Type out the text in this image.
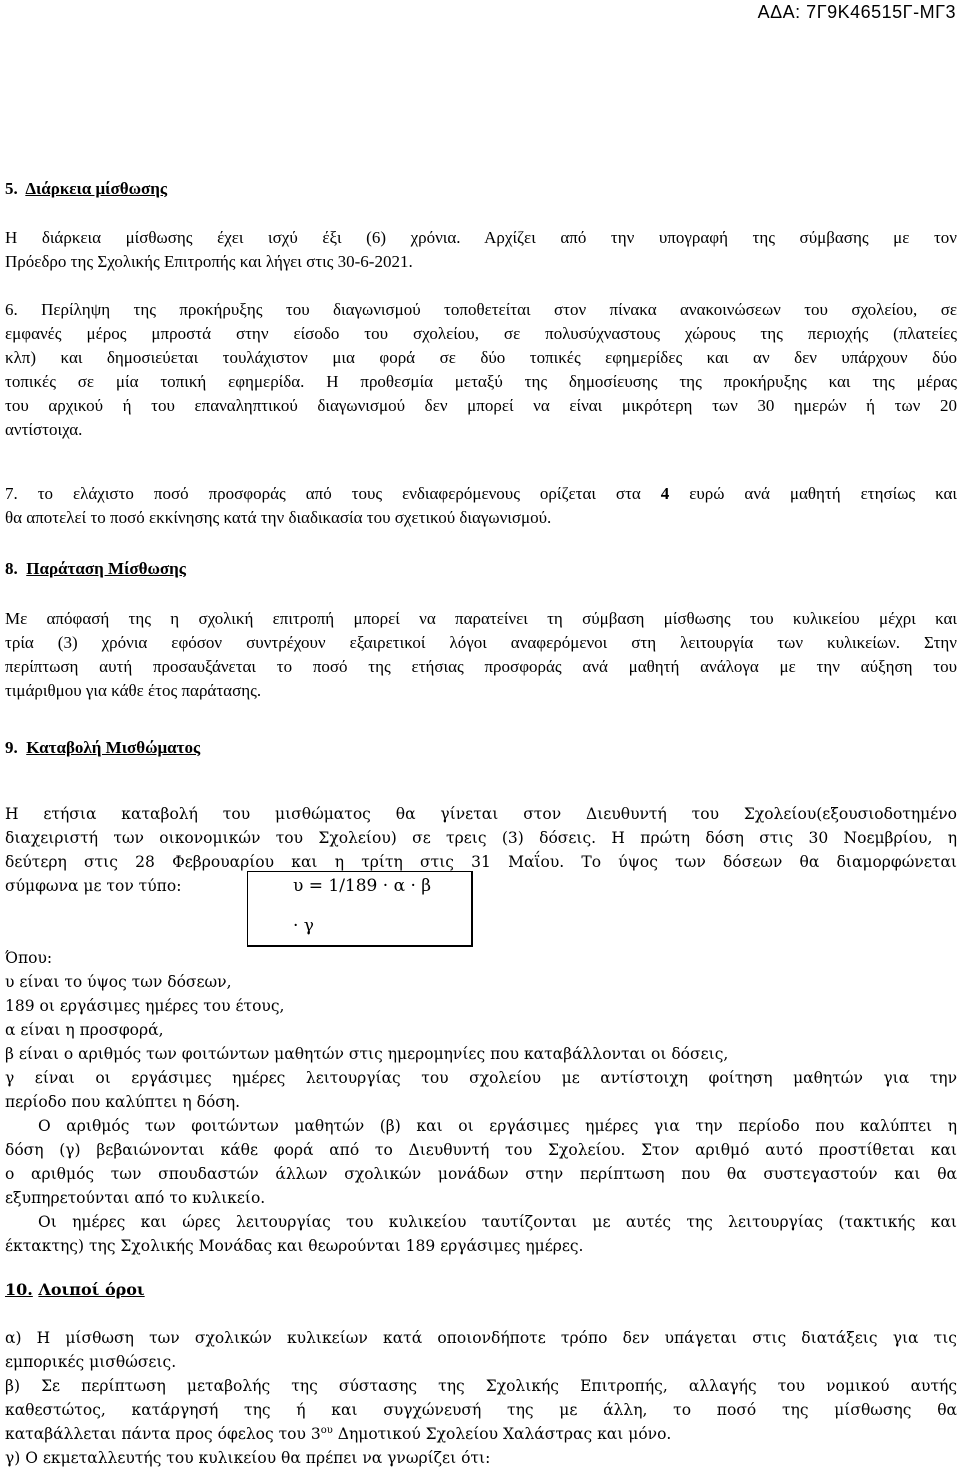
ΑΔΑ: 7Γ9Κ46515Γ-ΜΓ3
5. Διάρκεια μίσθωσης
Η διάρκεια μίσθωσης έχει ισχύ έξι (6) χρόνια. Αρχίζει από την υπογραφή της σύμβασης με τον
Πρόεδρο της Σχολικής Επιτροπής και λήγει στις 30-6-2021.
6. Περίληψη της προκήρυξης του διαγωνισμού τοποθετείται στον πίνακα ανακοινώσεων του σχολείου, σε
εμφανές μέρος μπροστά στην είσοδο του σχολείου, σε πολυσύχναστους χώρους της περιοχής (πλατείες
κλπ) και δημοσιεύεται τουλάχιστον μια φορά σε δύο τοπικές εφημερίδες και αν δεν υπάρχουν δύο
τοπικές σε μία τοπική εφημερίδα. Η προθεσμία μεταξύ της δημοσίευσης της προκήρυξης και της μέρας
του αρχικού ή του επαναληπτικού διαγωνισμού δεν μπορεί να είναι μικρότερη των 30 ημερών ή των 20
αντίστοιχα.
7. το ελάχιστο ποσό προσφοράς από τους ενδιαφερόμενους ορίζεται στα 4 ευρώ ανά μαθητή ετησίως και
θα αποτελεί το ποσό εκκίνησης κατά την διαδικασία του σχετικού διαγωνισμού.
8. Παράταση Μίσθωσης
Με απόφασή της η σχολική επιτροπή μπορεί να παρατείνει τη σύμβαση μίσθωσης του κυλικείου μέχρι και
τρία (3) χρόνια εφόσον συντρέχουν εξαιρετικοί λόγοι αναφερόμενοι στη λειτουργία των κυλικείων. Στην
περίπτωση αυτή προσαυξάνεται το ποσό της ετήσιας προσφοράς ανά μαθητή ανάλογα με την αύξηση του
τιμάριθμου για κάθε έτος παράτασης.
9. Καταβολή Μισθώματος
Η ετήσια καταβολή του μισθώματος θα γίνεται στον Διευθυντή του Σχολείου(εξουσιοδοτημένο
διαχειριστή των οικονομικών του Σχολείου) σε τρεις (3) δόσεις. Η πρώτη δόση στις 30 Νοεμβρίου, η
δεύτερη στις 28 Φεβρουαρίου και η τρίτη στις 31 Μαΐου. Το ύψος των δόσεων θα διαμορφώνεται
σύμφωνα με τον τύπο:	υ = 1/189 · α · β
· γ
Όπου:
υ είναι το ύψος των δόσεων,
189 οι εργάσιμες ημέρες του έτους,
α είναι η προσφορά,
β είναι ο αριθμός των φοιτώντων μαθητών στις ημερομηνίες που καταβάλλονται οι δόσεις,
γ είναι οι εργάσιμες ημέρες λειτουργίας του σχολείου με αντίστοιχη φοίτηση μαθητών για την
περίοδο που καλύπτει η δόση.
Ο αριθμός των φοιτώντων μαθητών (β) και οι εργάσιμες ημέρες για την περίοδο που καλύπτει η
δόση (γ) βεβαιώνονται κάθε φορά από το Διευθυντή του Σχολείου. Στον αριθμό αυτό προστίθεται και
ο αριθμός των σπουδαστών άλλων σχολικών μονάδων στην περίπτωση που θα συστεγαστούν και θα
εξυπηρετούνται από το κυλικείο.
Οι ημέρες και ώρες λειτουργίας του κυλικείου ταυτίζονται με αυτές της λειτουργίας (τακτικής και
έκτακτης) της Σχολικής Μονάδας και θεωρούνται 189 εργάσιμες ημέρες.
10. Λοιποί όροι
α) Η μίσθωση των σχολικών κυλικείων κατά οποιονδήποτε τρόπο δεν υπάγεται στις διατάξεις για τις
εμπορικές μισθώσεις.
β) Σε περίπτωση μεταβολής της σύστασης της Σχολικής Επιτροπής, αλλαγής του νομικού αυτής
καθεστώτος, κατάργησή της ή και συγχώνευσή της με άλλη, το ποσό της μίσθωσης θα
καταβάλλεται πάντα προς όφελος του $3^{o\upsilon}$ Δημοτικού Σχολείου Χαλάστρας και μόνο.
γ) Ο εκμεταλλευτής του κυλικείου θα πρέπει να γνωρίζει ότι:
